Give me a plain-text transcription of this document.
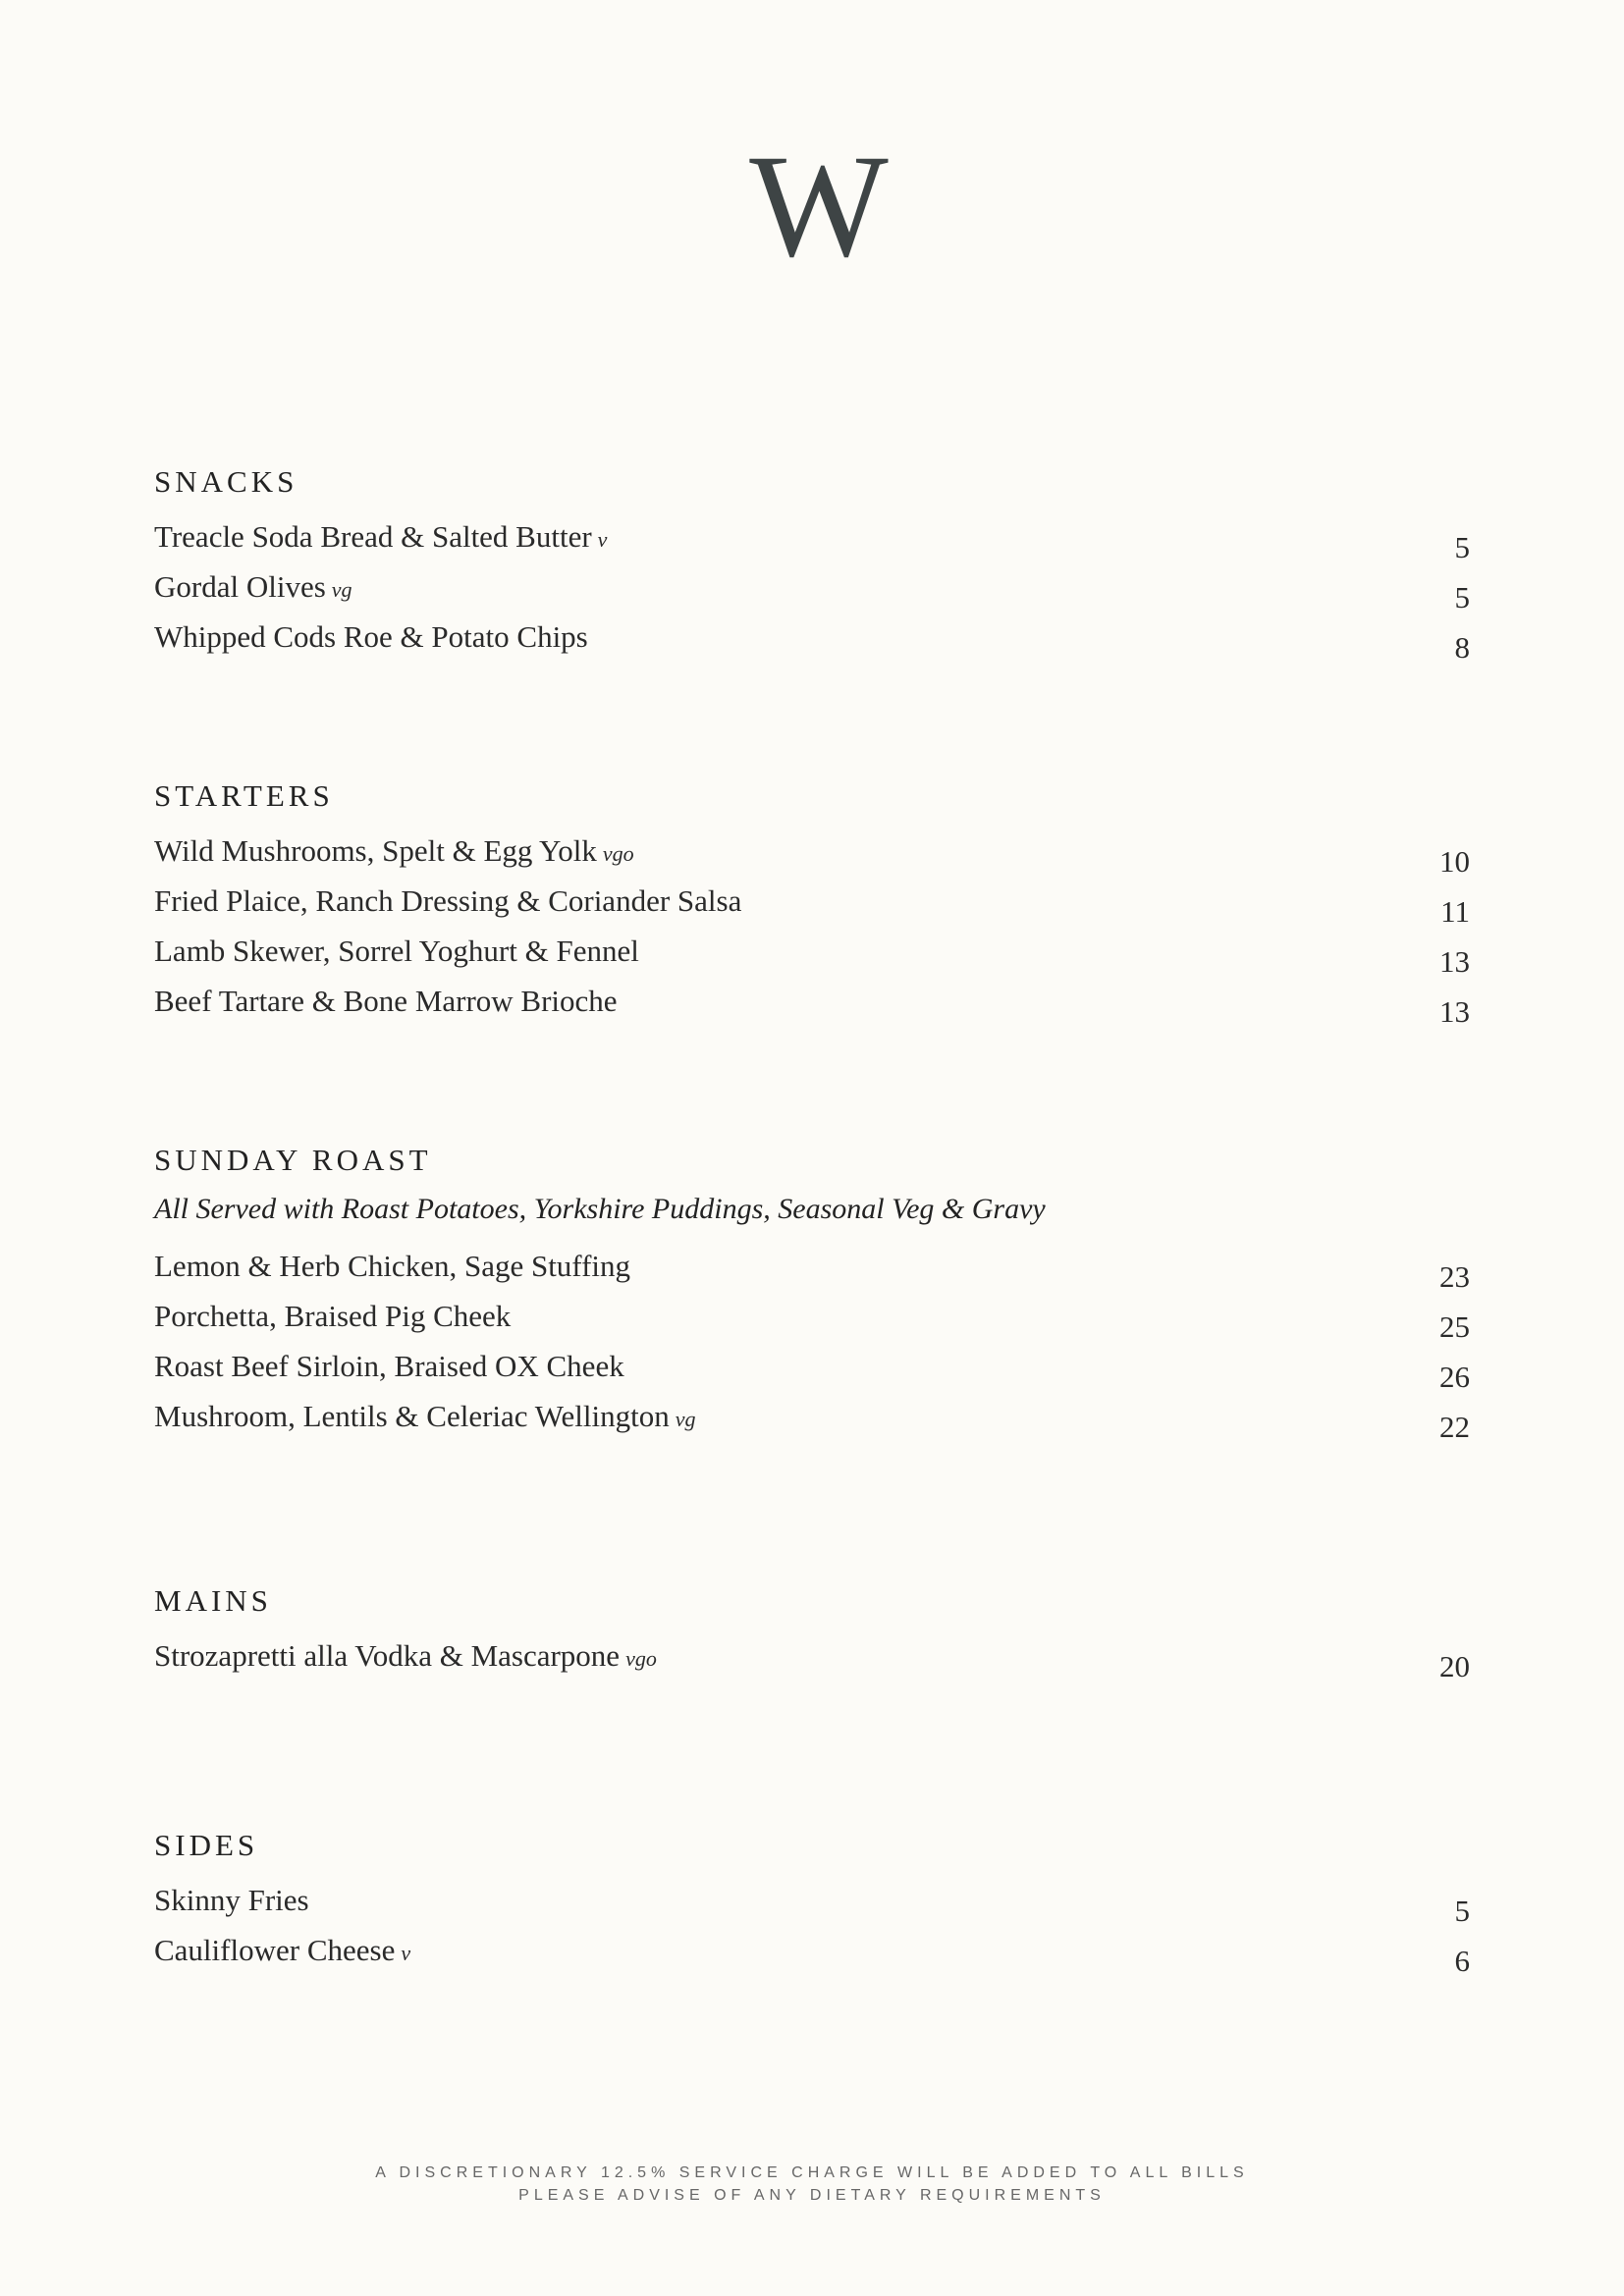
W
SNACKS
Treacle Soda Bread & Salted Butter v	5
Gordal Olives vg	5
Whipped Cods Roe & Potato Chips	8
STARTERS
Wild Mushrooms, Spelt & Egg Yolk vgo	10
Fried Plaice, Ranch Dressing & Coriander Salsa	11
Lamb Skewer, Sorrel Yoghurt & Fennel	13
Beef Tartare & Bone Marrow Brioche	13
SUNDAY ROAST
All Served with Roast Potatoes, Yorkshire Puddings, Seasonal Veg & Gravy
Lemon & Herb Chicken, Sage Stuffing	23
Porchetta, Braised Pig Cheek	25
Roast Beef Sirloin, Braised OX Cheek	26
Mushroom, Lentils & Celeriac Wellington vg	22
MAINS
Strozapretti alla Vodka & Mascarpone vgo	20
SIDES
Skinny Fries	5
Cauliflower Cheese v	6
A DISCRETIONARY 12.5% SERVICE CHARGE WILL BE ADDED TO ALL BILLS
PLEASE ADVISE OF ANY DIETARY REQUIREMENTS
